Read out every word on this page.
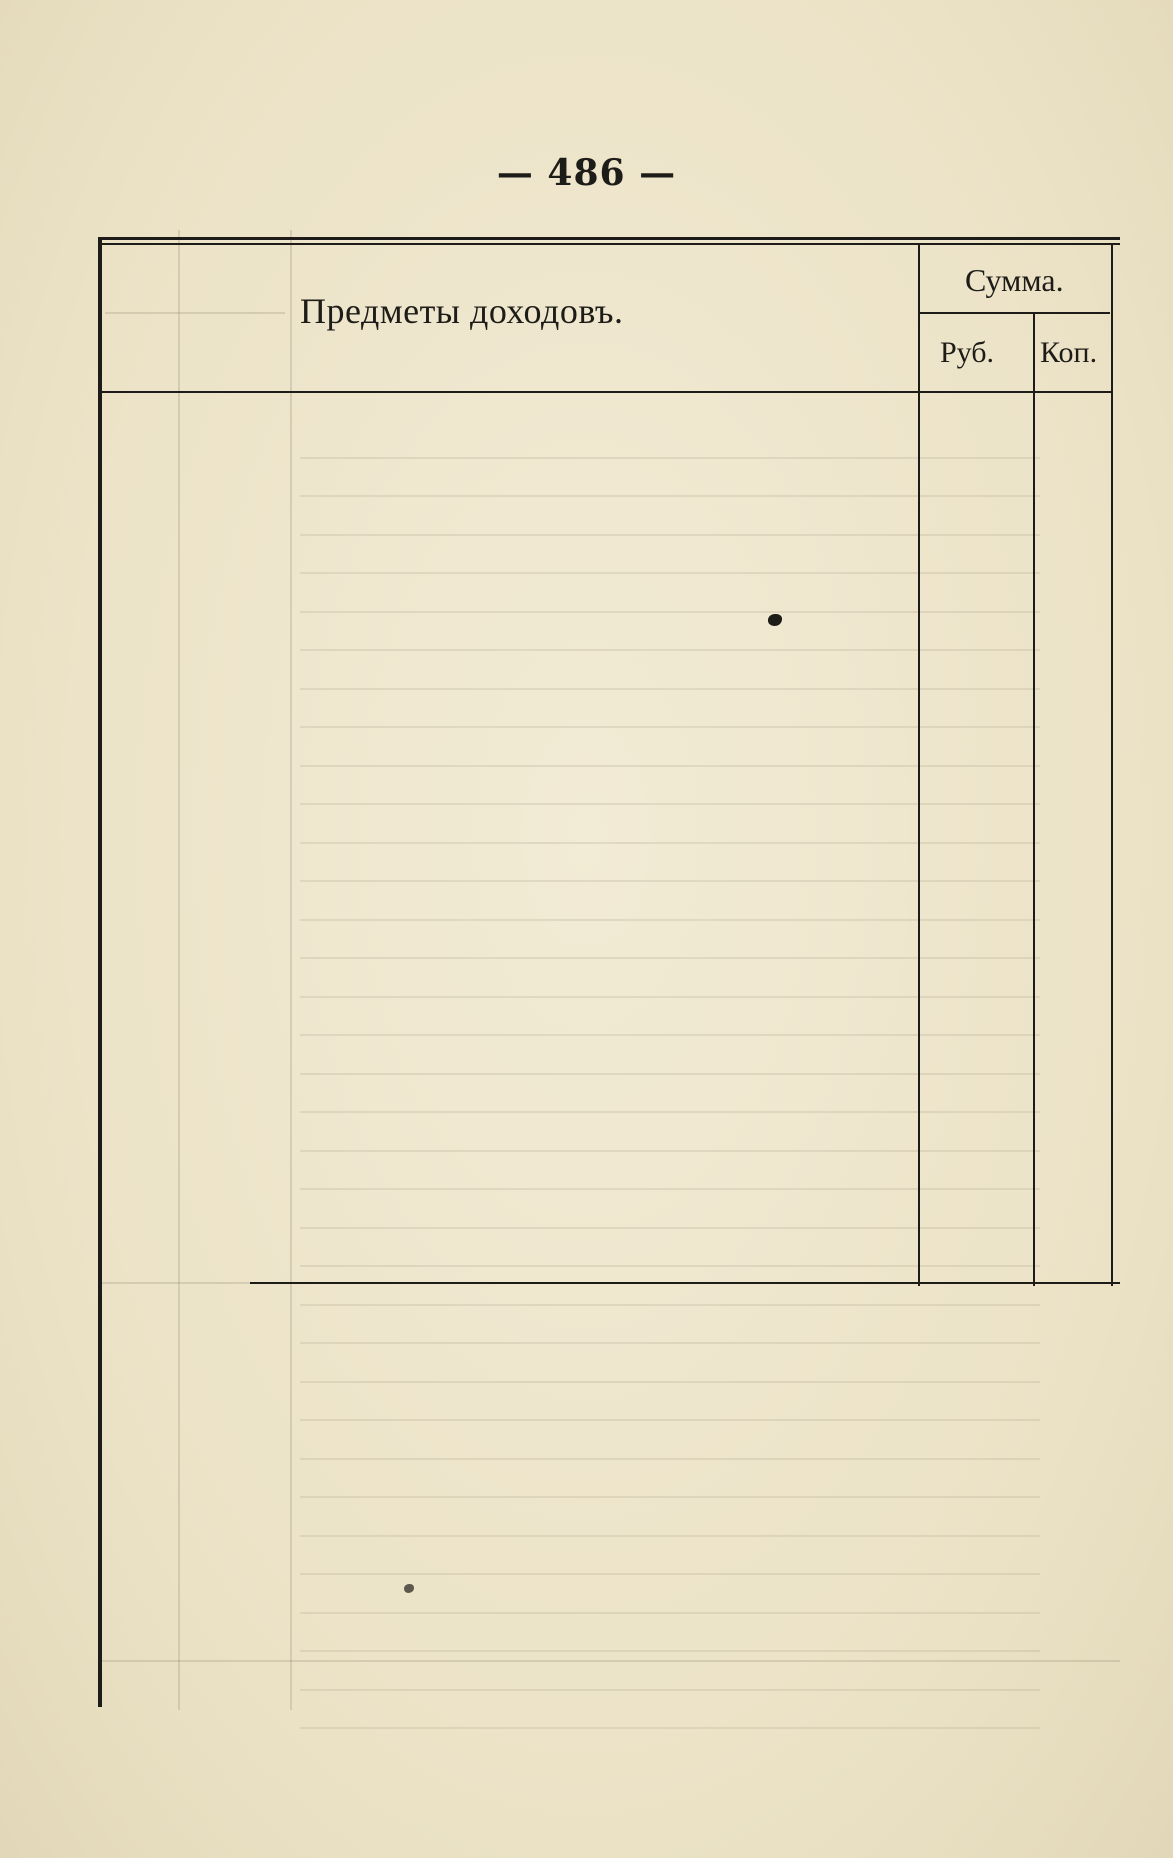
— 486 —
Предметы доходовъ.
Сумма.
Руб. Коп.
